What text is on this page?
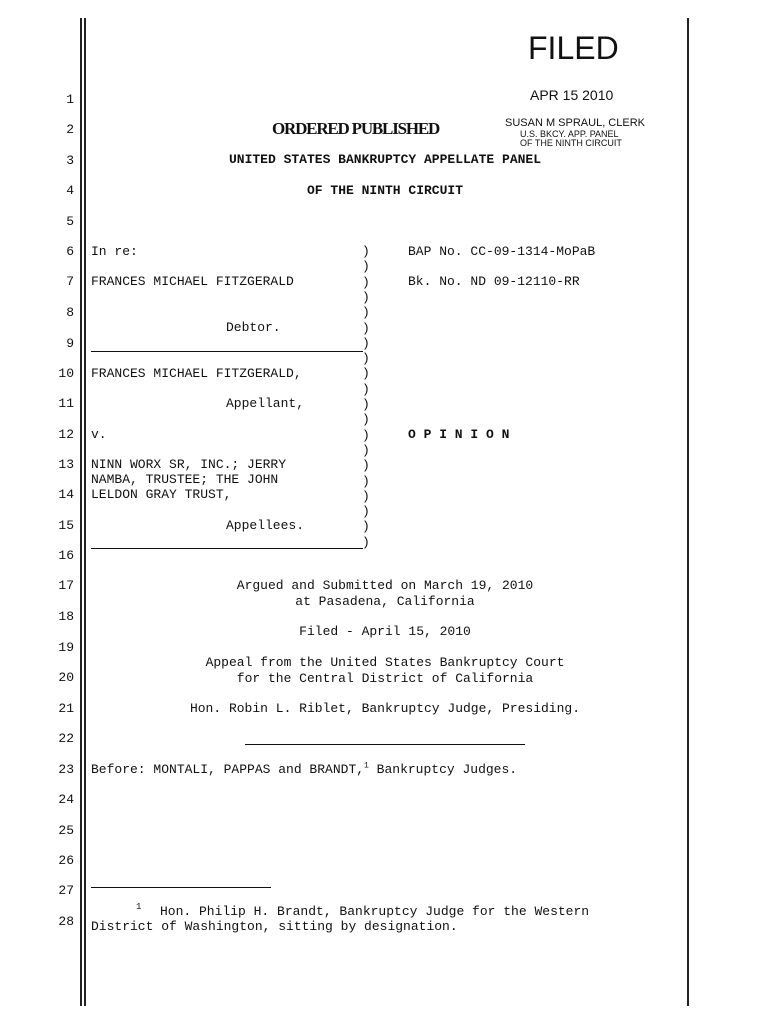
FILED
APR 15 2010
SUSAN M SPRAUL, CLERK
U.S. BKCY. APP. PANEL
OF THE NINTH CIRCUIT
1
2
3
4
5
6
7
8
9
10
11
12
13
14
15
16
17
18
19
20
21
22
23
24
25
26
27
28
ORDERED PUBLISHED
UNITED STATES BANKRUPTCY APPELLATE PANEL
OF THE NINTH CIRCUIT
In re:
FRANCES MICHAEL FITZGERALD
Debtor.
FRANCES MICHAEL FITZGERALD,
Appellant,
v.
NINN WORX SR, INC.; JERRY
NAMBA, TRUSTEE; THE JOHN
LELDON GRAY TRUST,
Appellees.
)
)
)
)
)
)
)
)
)
)
)
)
)
)
)
)
)
)
)
)
BAP No. CC-09-1314-MoPaB
Bk. No. ND 09-12110-RR
O P I N I O N
Argued and Submitted on March 19, 2010
at Pasadena, California
Filed - April 15, 2010
Appeal from the United States Bankruptcy Court
for the Central District of California
Hon. Robin L. Riblet, Bankruptcy Judge, Presiding.
Before: MONTALI, PAPPAS and BRANDT,$^1$ Bankruptcy Judges.
1 Hon. Philip H. Brandt, Bankruptcy Judge for the Western
District of Washington, sitting by designation.
